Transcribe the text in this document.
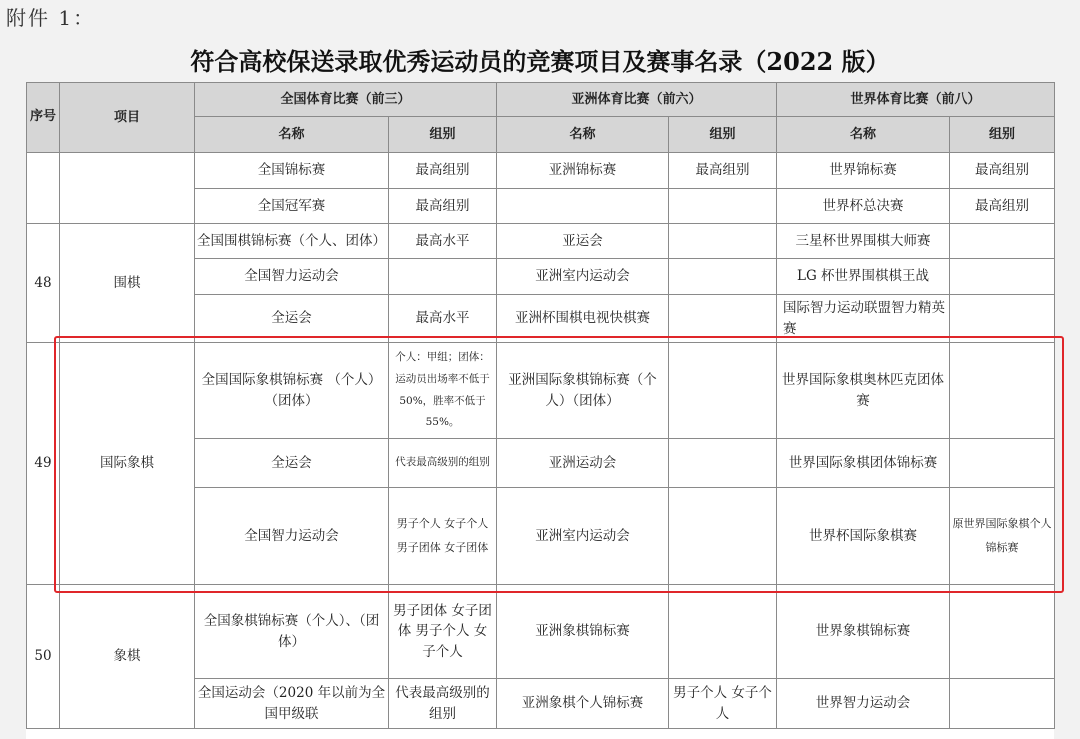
附件 1：
符合高校保送录取优秀运动员的竞赛项目及赛事名录（2022 版）
序号	项目	全国体育比赛（前三）		亚洲体育比赛（前六）		世界体育比赛（前八）	
		名称	组别	名称	组别	名称	组别
		全国锦标赛	最高组别	亚洲锦标赛	最高组别	世界锦标赛	最高组别
		全国冠军赛	最高组别			世界杯总决赛	最高组别
48	围棋	全国围棋锦标赛（个人、团体）	最高水平	亚运会		三星杯世界围棋大师赛	
		全国智力运动会		亚洲室内运动会		LG 杯世界围棋棋王战	
		全运会	最高水平	亚洲杯围棋电视快棋赛		国际智力运动联盟智力精英赛	
49	国际象棋	全国国际象棋锦标赛 （个人）（团体）	个人：甲组；团体：运动员出场率不低于 50%，胜率不低于 55%。	亚洲国际象棋锦标赛（个人）（团体）		世界国际象棋奥林匹克团体赛	
		全运会	代表最高级别的组别	亚洲运动会		世界国际象棋团体锦标赛	
		全国智力运动会	男子个人 女子个人 男子团体 女子团体	亚洲室内运动会		世界杯国际象棋赛	原世界国际象棋个人锦标赛
50	象棋	全国象棋锦标赛（个人）、（团体）	男子团体 女子团体 男子个人 女子个人	亚洲象棋锦标赛		世界象棋锦标赛	
		全国运动会（2020 年以前为全国甲级联	代表最高级别的组别	亚洲象棋个人锦标赛	男子个人 女子个人	世界智力运动会	
